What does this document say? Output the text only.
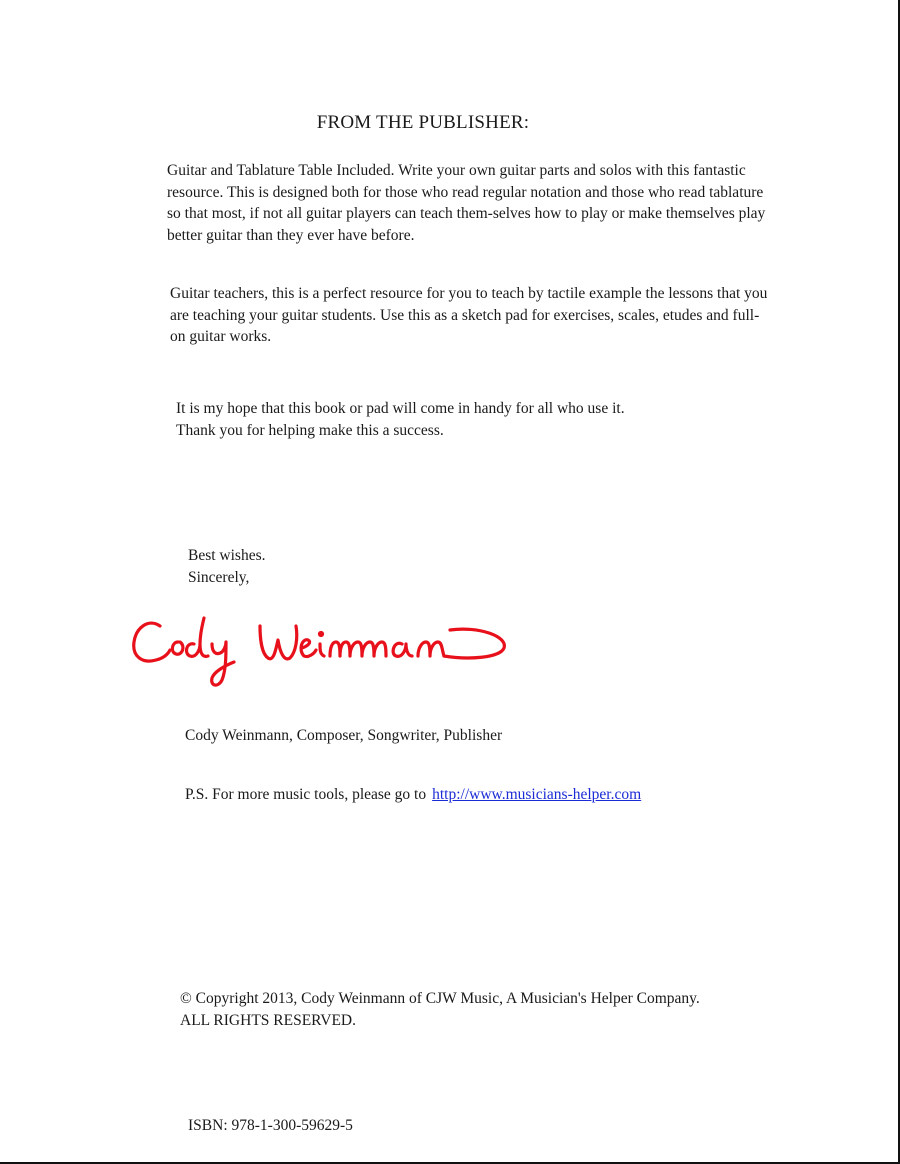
FROM THE PUBLISHER:

Guitar and Tablature Table Included. Write your own guitar parts and solos with this fantastic resource. This is designed both for those who read regular notation and those who read tablature so that most, if not all guitar players can teach them-selves how to play or make themselves play better guitar than they ever have before.

Guitar teachers, this is a perfect resource for you to teach by tactile example the lessons that you are teaching your guitar students. Use this as a sketch pad for exercises, scales, etudes and full-on guitar works.

It is my hope that this book or pad will come in handy for all who use it.
Thank you for helping make this a success.
Best wishes.
Sincerely,
Cody Weinmann, Composer, Songwriter, Publisher
P.S. For more music tools, please go to http://www.musicians-helper.com
© Copyright 2013, Cody Weinmann of CJW Music, A Musician's Helper Company.
ALL RIGHTS RESERVED.
ISBN: 978-1-300-59629-5
